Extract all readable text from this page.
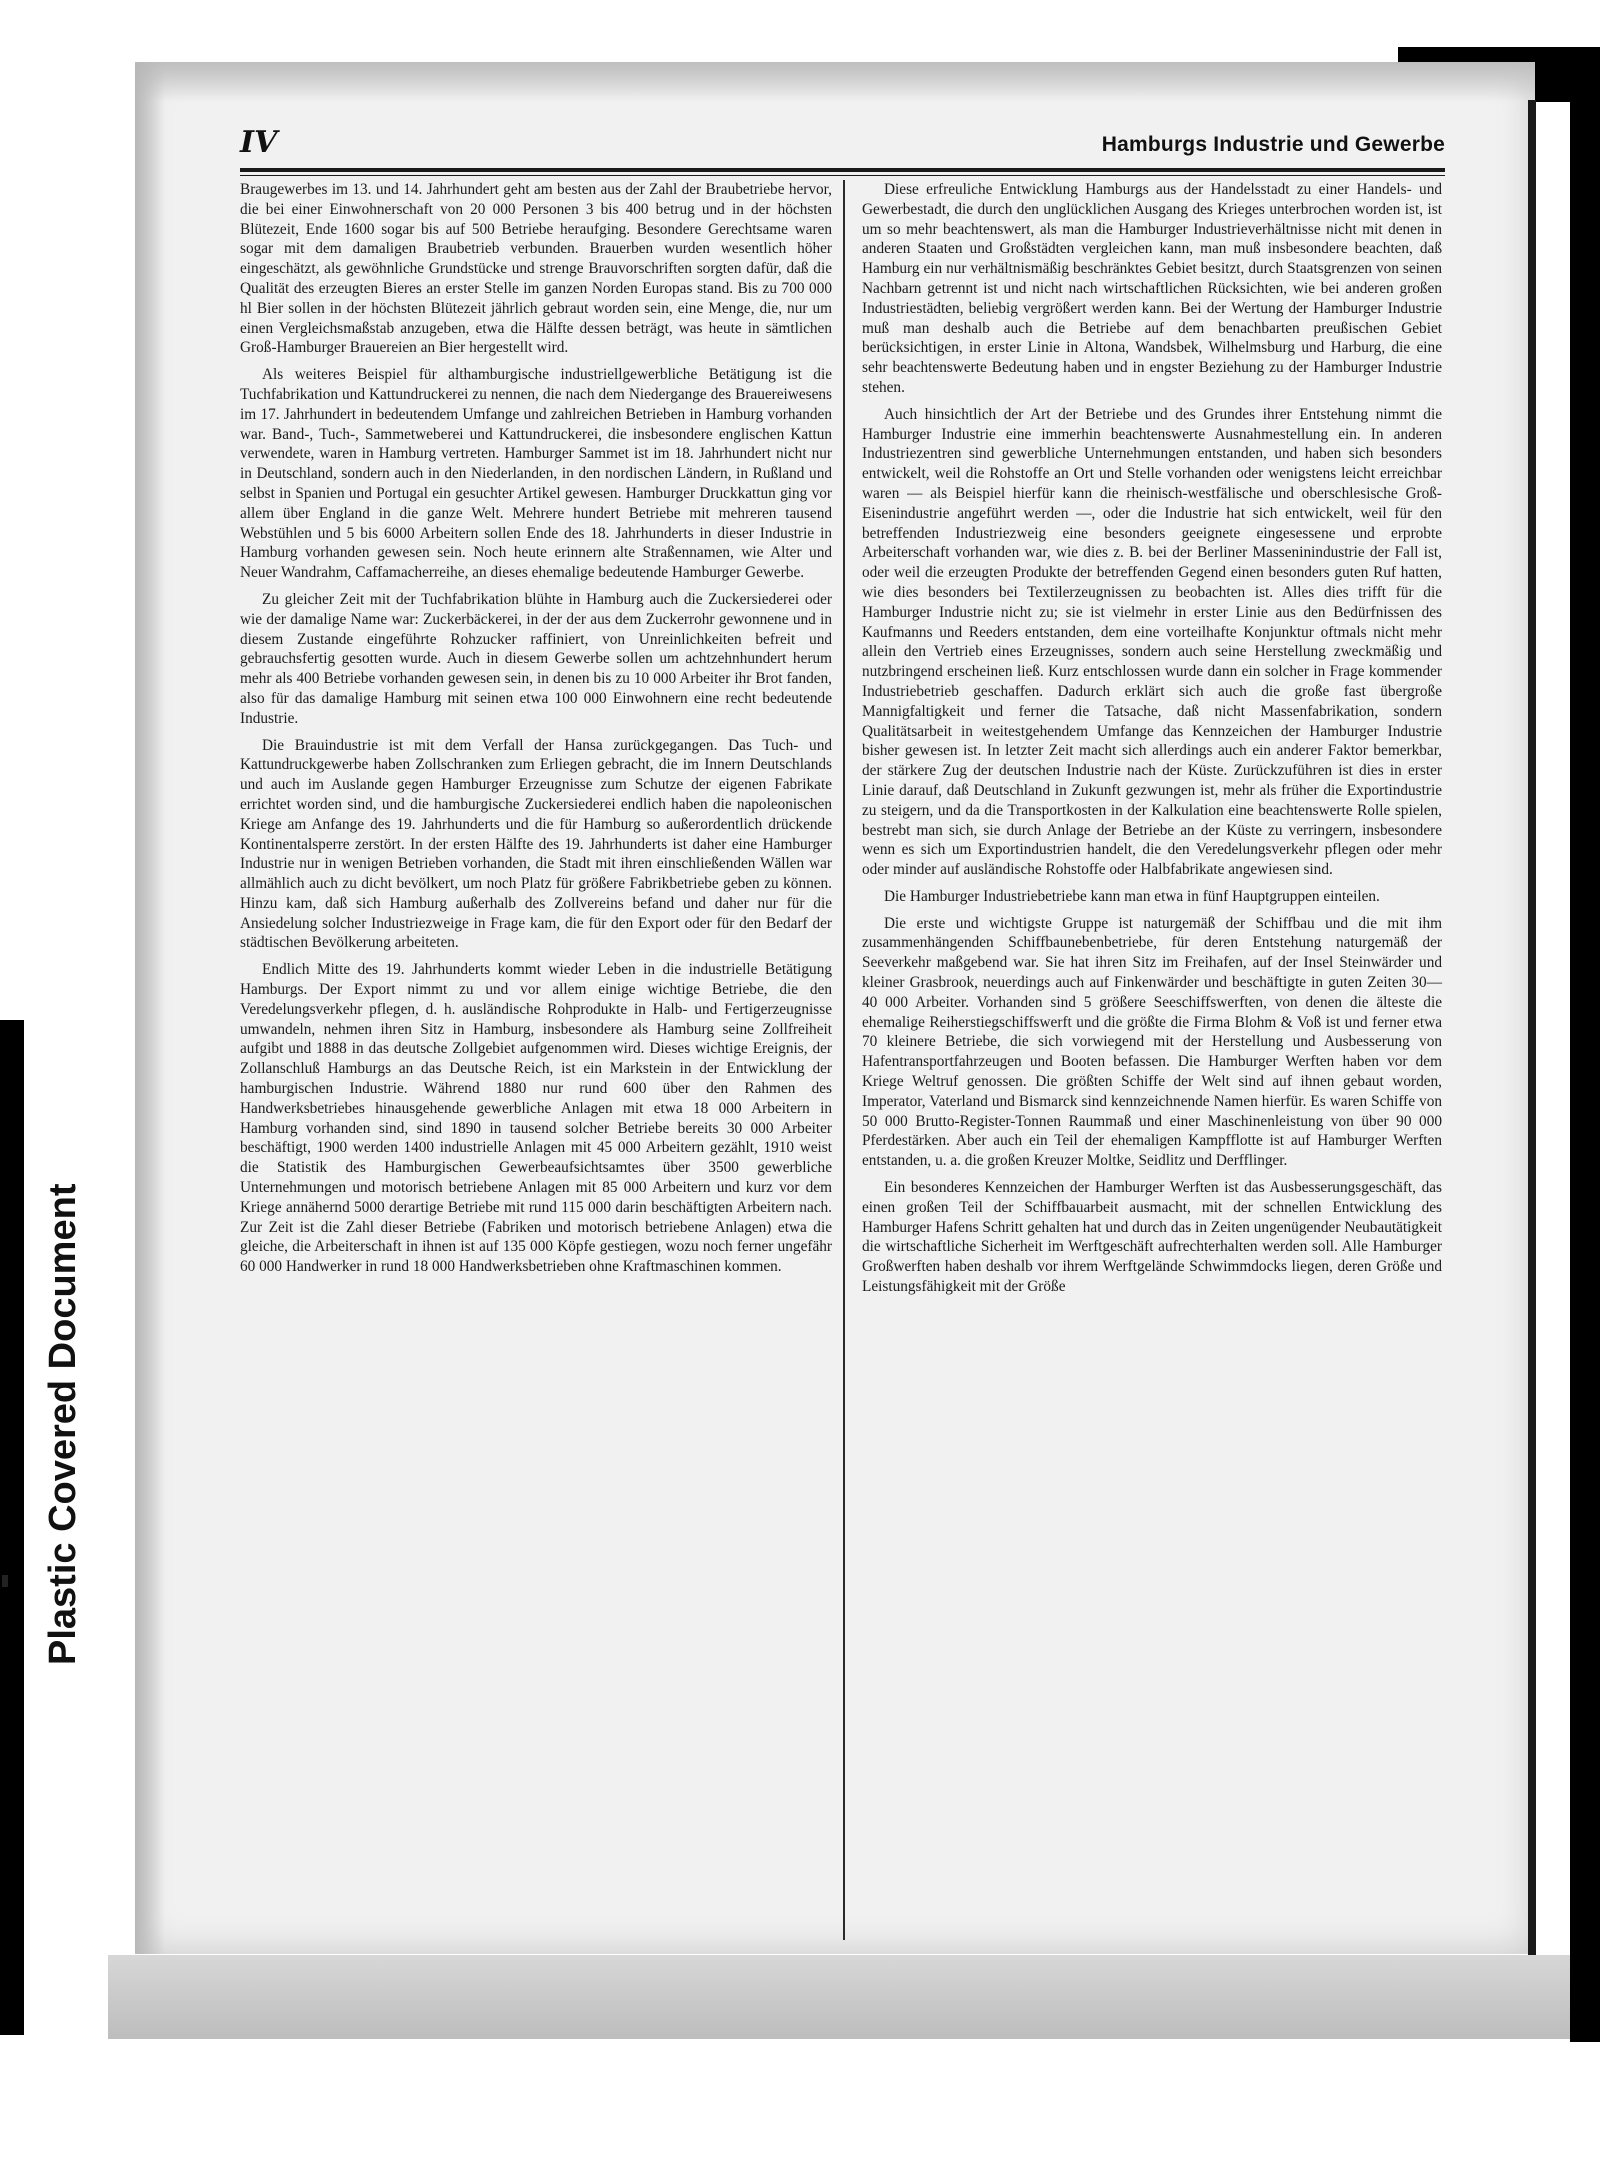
Plastic Covered Document
IV	Hamburgs Industrie und Gewerbe

Braugewerbes im 13. und 14. Jahrhundert geht am besten aus der Zahl der Braubetriebe hervor, die bei einer Einwohnerschaft von 20 000 Personen 3 bis 400 betrug und in der höchsten Blütezeit, Ende 1600 sogar bis auf 500 Betriebe heraufging. Besondere Gerechtsame waren sogar mit dem damaligen Braubetrieb verbunden. Brauerben wurden wesentlich höher eingeschätzt, als gewöhnliche Grundstücke und strenge Brauvorschriften sorgten dafür, daß die Qualität des erzeugten Bieres an erster Stelle im ganzen Norden Europas stand. Bis zu 700 000 hl Bier sollen in der höchsten Blütezeit jährlich gebraut worden sein, eine Menge, die, nur um einen Vergleichsmaßstab anzugeben, etwa die Hälfte dessen beträgt, was heute in sämtlichen Groß-Hamburger Brauereien an Bier hergestellt wird.

Als weiteres Beispiel für althamburgische industriellgewerbliche Betätigung ist die Tuchfabrikation und Kattundruckerei zu nennen, die nach dem Niedergange des Brauereiwesens im 17. Jahrhundert in bedeutendem Umfange und zahlreichen Betrieben in Hamburg vorhanden war. Band-, Tuch-, Sammetweberei und Kattundruckerei, die insbesondere englischen Kattun verwendete, waren in Hamburg vertreten. Hamburger Sammet ist im 18. Jahrhundert nicht nur in Deutschland, sondern auch in den Niederlanden, in den nordischen Ländern, in Rußland und selbst in Spanien und Portugal ein gesuchter Artikel gewesen. Hamburger Druckkattun ging vor allem über England in die ganze Welt. Mehrere hundert Betriebe mit mehreren tausend Webstühlen und 5 bis 6000 Arbeitern sollen Ende des 18. Jahrhunderts in dieser Industrie in Hamburg vorhanden gewesen sein. Noch heute erinnern alte Straßennamen, wie Alter und Neuer Wandrahm, Caffamacherreihe, an dieses ehemalige bedeutende Hamburger Gewerbe.

Zu gleicher Zeit mit der Tuchfabrikation blühte in Hamburg auch die Zuckersiederei oder wie der damalige Name war: Zuckerbäckerei, in der der aus dem Zuckerrohr gewonnene und in diesem Zustande eingeführte Rohzucker raffiniert, von Unreinlichkeiten befreit und gebrauchsfertig gesotten wurde. Auch in diesem Gewerbe sollen um achtzehnhundert herum mehr als 400 Betriebe vorhanden gewesen sein, in denen bis zu 10 000 Arbeiter ihr Brot fanden, also für das damalige Hamburg mit seinen etwa 100 000 Einwohnern eine recht bedeutende Industrie.

Die Brauindustrie ist mit dem Verfall der Hansa zurückgegangen. Das Tuch- und Kattundruckgewerbe haben Zollschranken zum Erliegen gebracht, die im Innern Deutschlands und auch im Auslande gegen Hamburger Erzeugnisse zum Schutze der eigenen Fabrikate errichtet worden sind, und die hamburgische Zuckersiederei endlich haben die napoleonischen Kriege am Anfange des 19. Jahrhunderts und die für Hamburg so außerordentlich drückende Kontinentalsperre zerstört. In der ersten Hälfte des 19. Jahrhunderts ist daher eine Hamburger Industrie nur in wenigen Betrieben vorhanden, die Stadt mit ihren einschließenden Wällen war allmählich auch zu dicht bevölkert, um noch Platz für größere Fabrikbetriebe geben zu können. Hinzu kam, daß sich Hamburg außerhalb des Zollvereins befand und daher nur für die Ansiedelung solcher Industriezweige in Frage kam, die für den Export oder für den Bedarf der städtischen Bevölkerung arbeiteten.

Endlich Mitte des 19. Jahrhunderts kommt wieder Leben in die industrielle Betätigung Hamburgs. Der Export nimmt zu und vor allem einige wichtige Betriebe, die den Veredelungsverkehr pflegen, d. h. ausländische Rohprodukte in Halb- und Fertigerzeugnisse umwandeln, nehmen ihren Sitz in Hamburg, insbesondere als Hamburg seine Zollfreiheit aufgibt und 1888 in das deutsche Zollgebiet aufgenommen wird. Dieses wichtige Ereignis, der Zollanschluß Hamburgs an das Deutsche Reich, ist ein Markstein in der Entwicklung der hamburgischen Industrie. Während 1880 nur rund 600 über den Rahmen des Handwerksbetriebes hinausgehende gewerbliche Anlagen mit etwa 18 000 Arbeitern in Hamburg vorhanden sind, sind 1890 in tausend solcher Betriebe bereits 30 000 Arbeiter beschäftigt, 1900 werden 1400 industrielle Anlagen mit 45 000 Arbeitern gezählt, 1910 weist die Statistik des Hamburgischen Gewerbeaufsichtsamtes über 3500 gewerbliche Unternehmungen und motorisch betriebene Anlagen mit 85 000 Arbeitern und kurz vor dem Kriege annähernd 5000 derartige Betriebe mit rund 115 000 darin beschäftigten Arbeitern nach. Zur Zeit ist die Zahl dieser Betriebe (Fabriken und motorisch betriebene Anlagen) etwa die gleiche, die Arbeiterschaft in ihnen ist auf 135 000 Köpfe gestiegen, wozu noch ferner ungefähr 60 000 Handwerker in rund 18 000 Handwerksbetrieben ohne Kraftmaschinen kommen.

Diese erfreuliche Entwicklung Hamburgs aus der Handelsstadt zu einer Handels- und Gewerbestadt, die durch den unglücklichen Ausgang des Krieges unterbrochen worden ist, ist um so mehr beachtenswert, als man die Hamburger Industrieverhältnisse nicht mit denen in anderen Staaten und Großstädten vergleichen kann, man muß insbesondere beachten, daß Hamburg ein nur verhältnismäßig beschränktes Gebiet besitzt, durch Staatsgrenzen von seinen Nachbarn getrennt ist und nicht nach wirtschaftlichen Rücksichten, wie bei anderen großen Industriestädten, beliebig vergrößert werden kann. Bei der Wertung der Hamburger Industrie muß man deshalb auch die Betriebe auf dem benachbarten preußischen Gebiet berücksichtigen, in erster Linie in Altona, Wandsbek, Wilhelmsburg und Harburg, die eine sehr beachtenswerte Bedeutung haben und in engster Beziehung zu der Hamburger Industrie stehen.

Auch hinsichtlich der Art der Betriebe und des Grundes ihrer Entstehung nimmt die Hamburger Industrie eine immerhin beachtenswerte Ausnahmestellung ein. In anderen Industriezentren sind gewerbliche Unternehmungen entstanden, und haben sich besonders entwickelt, weil die Rohstoffe an Ort und Stelle vorhanden oder wenigstens leicht erreichbar waren — als Beispiel hierfür kann die rheinisch-westfälische und oberschlesische Groß-Eisenindustrie angeführt werden —, oder die Industrie hat sich entwickelt, weil für den betreffenden Industriezweig eine besonders geeignete eingesessene und erprobte Arbeiterschaft vorhanden war, wie dies z. B. bei der Berliner Masseninindustrie der Fall ist, oder weil die erzeugten Produkte der betreffenden Gegend einen besonders guten Ruf hatten, wie dies besonders bei Textilerzeugnissen zu beobachten ist. Alles dies trifft für die Hamburger Industrie nicht zu; sie ist vielmehr in erster Linie aus den Bedürfnissen des Kaufmanns und Reeders entstanden, dem eine vorteilhafte Konjunktur oftmals nicht mehr allein den Vertrieb eines Erzeugnisses, sondern auch seine Herstellung zweckmäßig und nutzbringend erscheinen ließ. Kurz entschlossen wurde dann ein solcher in Frage kommender Industriebetrieb geschaffen. Dadurch erklärt sich auch die große fast übergroße Mannigfaltigkeit und ferner die Tatsache, daß nicht Massenfabrikation, sondern Qualitätsarbeit in weitestgehendem Umfange das Kennzeichen der Hamburger Industrie bisher gewesen ist. In letzter Zeit macht sich allerdings auch ein anderer Faktor bemerkbar, der stärkere Zug der deutschen Industrie nach der Küste. Zurückzuführen ist dies in erster Linie darauf, daß Deutschland in Zukunft gezwungen ist, mehr als früher die Exportindustrie zu steigern, und da die Transportkosten in der Kalkulation eine beachtenswerte Rolle spielen, bestrebt man sich, sie durch Anlage der Betriebe an der Küste zu verringern, insbesondere wenn es sich um Exportindustrien handelt, die den Veredelungsverkehr pflegen oder mehr oder minder auf ausländische Rohstoffe oder Halbfabrikate angewiesen sind.

Die Hamburger Industriebetriebe kann man etwa in fünf Hauptgruppen einteilen.

Die erste und wichtigste Gruppe ist naturgemäß der Schiffbau und die mit ihm zusammenhängenden Schiffbaunebenbetriebe, für deren Entstehung naturgemäß der Seeverkehr maßgebend war. Sie hat ihren Sitz im Freihafen, auf der Insel Steinwärder und kleiner Grasbrook, neuerdings auch auf Finkenwärder und beschäftigte in guten Zeiten 30—40 000 Arbeiter. Vorhanden sind 5 größere Seeschiffswerften, von denen die älteste die ehemalige Reiherstiegschiffswerft und die größte die Firma Blohm & Voß ist und ferner etwa 70 kleinere Betriebe, die sich vorwiegend mit der Herstellung und Ausbesserung von Hafentransportfahrzeugen und Booten befassen. Die Hamburger Werften haben vor dem Kriege Weltruf genossen. Die größten Schiffe der Welt sind auf ihnen gebaut worden, Imperator, Vaterland und Bismarck sind kennzeichnende Namen hierfür. Es waren Schiffe von 50 000 Brutto-Register-Tonnen Raummaß und einer Maschinenleistung von über 90 000 Pferdestärken. Aber auch ein Teil der ehemaligen Kampfflotte ist auf Hamburger Werften entstanden, u. a. die großen Kreuzer Moltke, Seidlitz und Derfflinger.

Ein besonderes Kennzeichen der Hamburger Werften ist das Ausbesserungsgeschäft, das einen großen Teil der Schiffbauarbeit ausmacht, mit der schnellen Entwicklung des Hamburger Hafens Schritt gehalten hat und durch das in Zeiten ungenügender Neubautätigkeit die wirtschaftliche Sicherheit im Werftgeschäft aufrechterhalten werden soll. Alle Hamburger Großwerften haben deshalb vor ihrem Werftgelände Schwimmdocks liegen, deren Größe und Leistungsfähigkeit mit der Größe
